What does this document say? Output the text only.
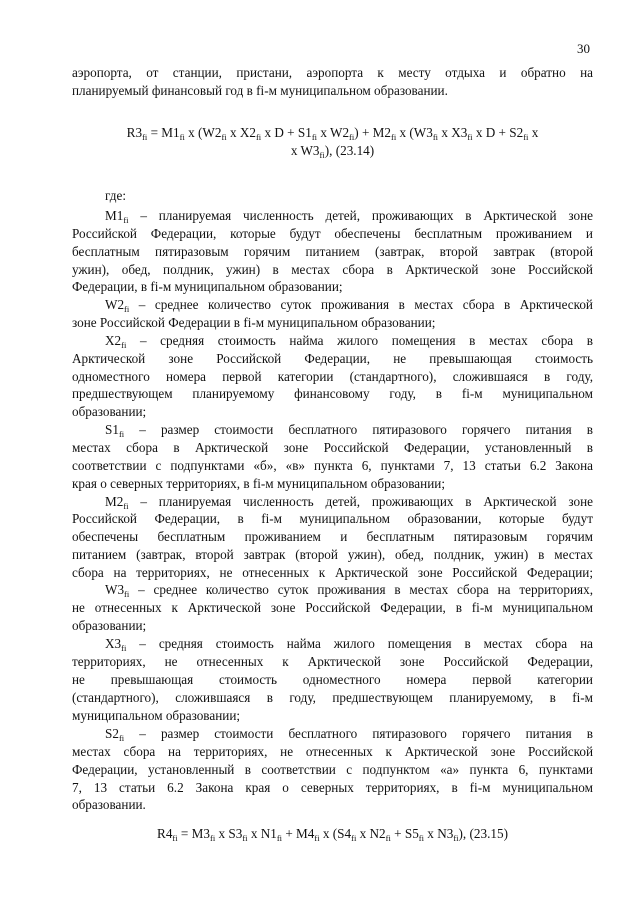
30
аэропорта, от станции, пристани, аэропорта к месту отдыха и обратно на
планируемый финансовый год в fi-м муниципальном образовании.
$R3_{fi} = M1_{fi}$ x ($W2_{fi}$ x $X2_{fi}$ x $D + S1_{fi}$ x $W2_{fi}) + M2_{fi}$ x ($W3_{fi}$ x $X3_{fi}$ x $D + S2_{fi}$ x
x $W3_{fi}$), (23.14)
где:
$M1_{fi}$ – планируемая численность детей, проживающих в Арктической зоне
Российской Федерации, которые будут обеспечены бесплатным проживанием и
бесплатным пятиразовым горячим питанием (завтрак, второй завтрак (второй
ужин), обед, полдник, ужин) в местах сбора в Арктической зоне Российской
Федерации, в fi-м муниципальном образовании;
$W2_{fi}$ – среднее количество суток проживания в местах сбора в Арктической
зоне Российской Федерации в fi-м муниципальном образовании;
$X2_{fi}$ – средняя стоимость найма жилого помещения в местах сбора в
Арктической зоне Российской Федерации, не превышающая стоимость
одноместного номера первой категории (стандартного), сложившаяся в году,
предшествующем планируемому финансовому году, в fi-м муниципальном
образовании;
$S1_{fi}$ – размер стоимости бесплатного пятиразового горячего питания в
местах сбора в Арктической зоне Российской Федерации, установленный в
соответствии с подпунктами «б», «в» пункта 6, пунктами 7, 13 статьи 6.2 Закона
края о северных территориях, в fi-м муниципальном образовании;
$M2_{fi}$ – планируемая численность детей, проживающих в Арктической зоне
Российской Федерации, в fi-м муниципальном образовании, которые будут
обеспечены бесплатным проживанием и бесплатным пятиразовым горячим
питанием (завтрак, второй завтрак (второй ужин), обед, полдник, ужин) в местах
сбора на территориях, не отнесенных к Арктической зоне Российской Федерации;
$W3_{fi}$ – среднее количество суток проживания в местах сбора на территориях,
не отнесенных к Арктической зоне Российской Федерации, в fi-м муниципальном
образовании;
$X3_{fi}$ – средняя стоимость найма жилого помещения в местах сбора на
территориях, не отнесенных к Арктической зоне Российской Федерации,
не превышающая стоимость одноместного номера первой категории
(стандартного), сложившаяся в году, предшествующем планируемому, в fi-м
муниципальном образовании;
$S2_{fi}$ – размер стоимости бесплатного пятиразового горячего питания в
местах сбора на территориях, не отнесенных к Арктической зоне Российской
Федерации, установленный в соответствии с подпунктом «а» пункта 6, пунктами
7, 13 статьи 6.2 Закона края о северных территориях, в fi-м муниципальном
образовании.
$R4_{fi} = M3_{fi}$ x $S3_{fi}$ x $N1_{fi} + M4_{fi}$ x ($S4_{fi}$ x $N2_{fi} + S5_{fi}$ x $N3_{fi}$), (23.15)
